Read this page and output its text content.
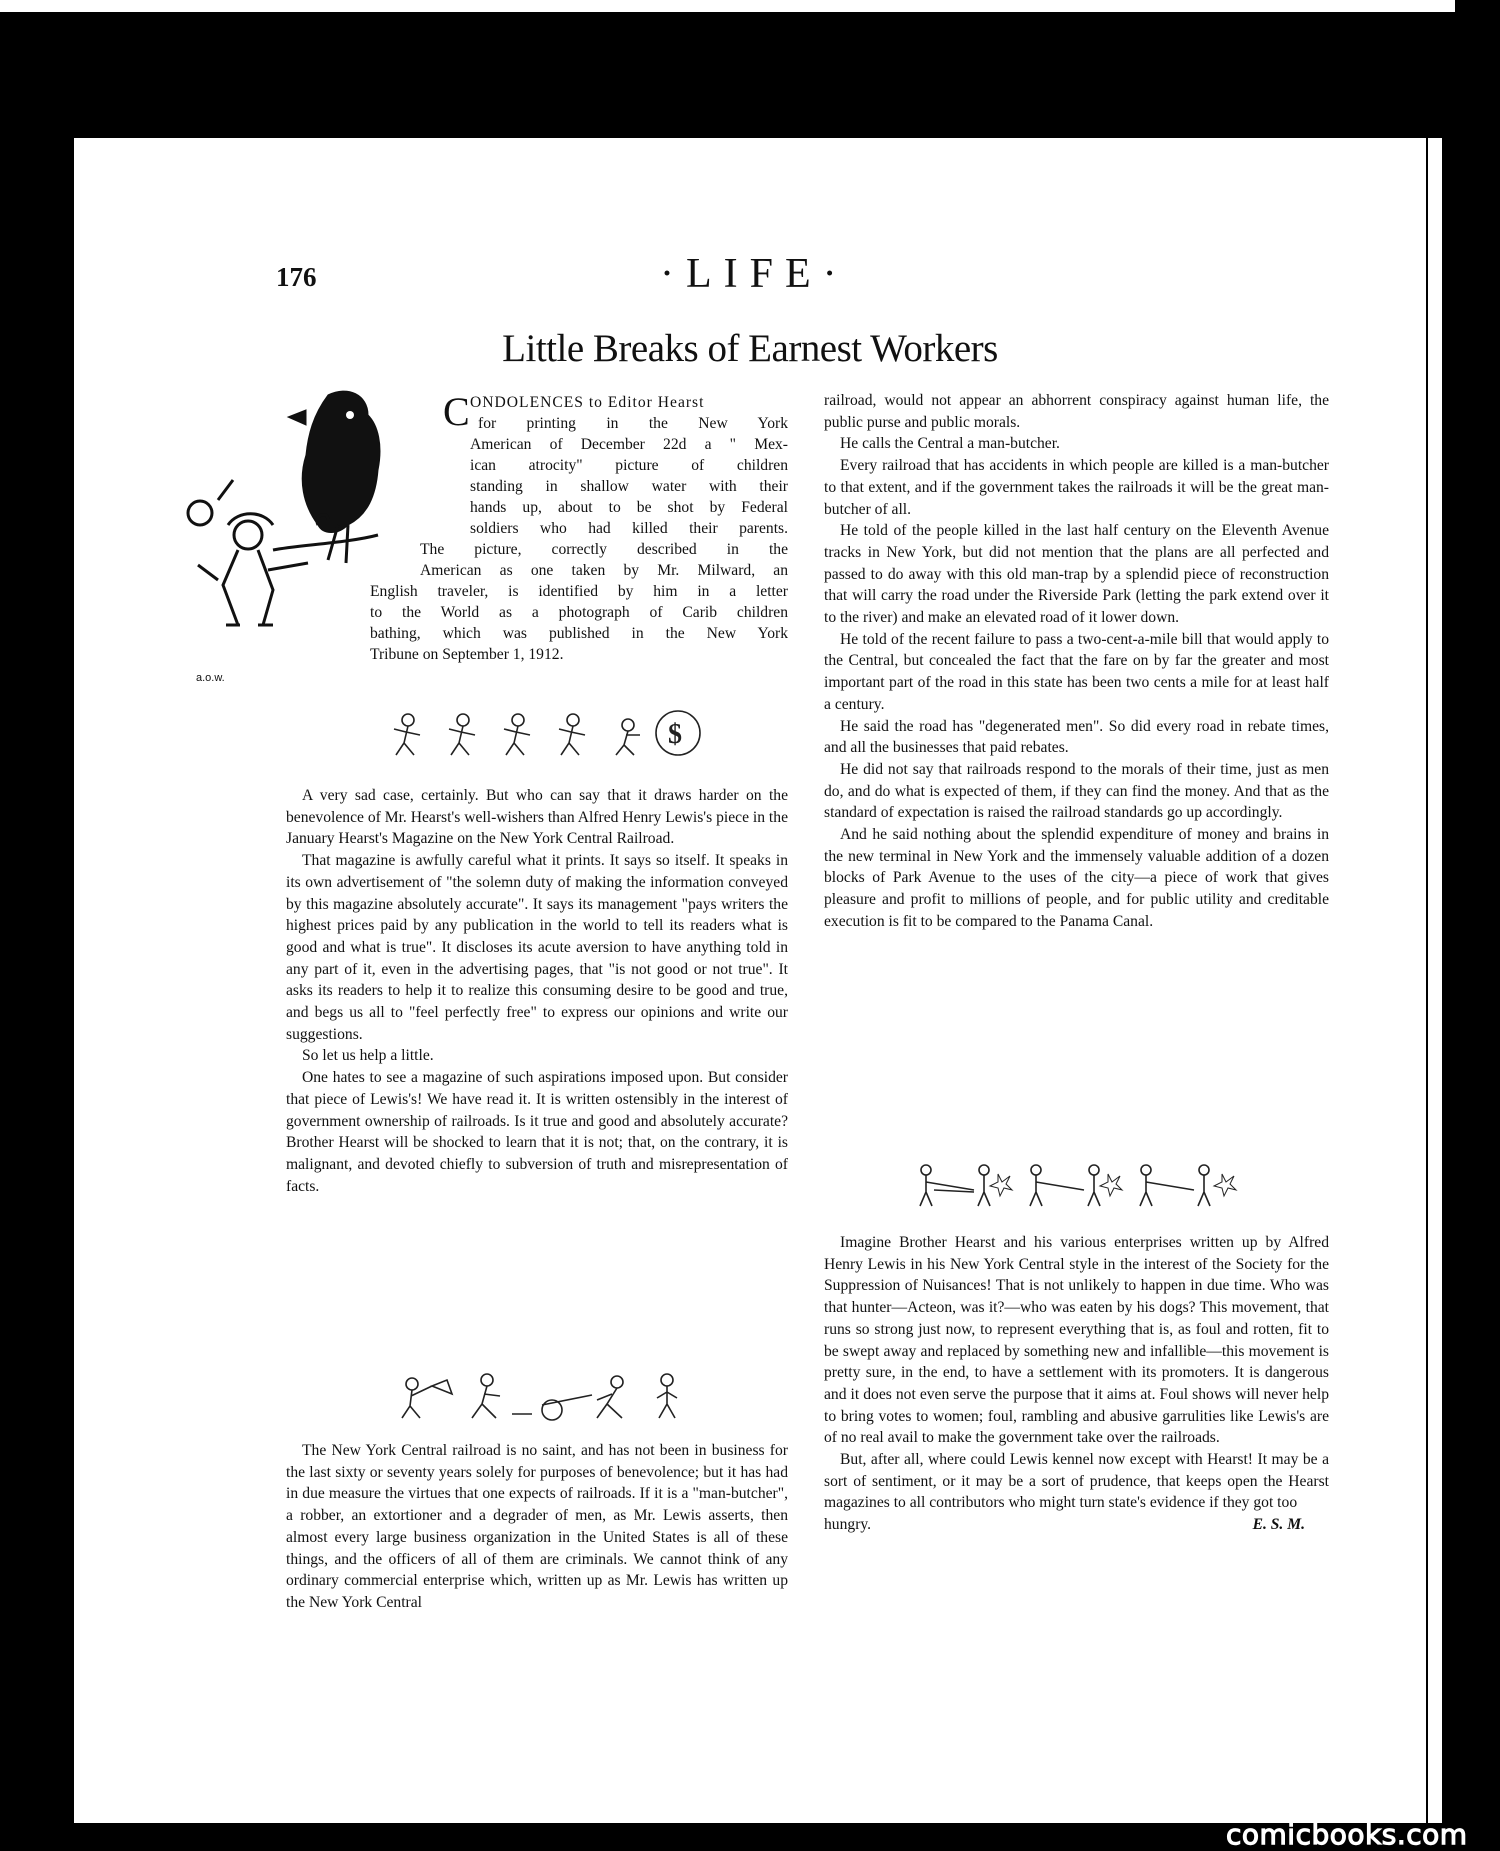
176	·LIFE·
Little Breaks of Earnest Workers
a.o.w.
C ONDOLENCES to Editor Hearst
for printing in the New York
American of December 22d a " Mex-
ican atrocity" picture of children
standing in shallow water with their
hands up, about to be shot by Federal
soldiers who had killed their parents.
The picture, correctly described in the
American as one taken by Mr. Milward, an
English traveler, is identified by him in a letter
to the World as a photograph of Carib children
bathing, which was published in the New York
Tribune on September 1, 1912.
$

A very sad case, certainly. But who can say that it draws harder on the benevolence of Mr. Hearst's well-wishers than Alfred Henry Lewis's piece in the January Hearst's Magazine on the New York Central Railroad.

That magazine is awfully careful what it prints. It says so itself. It speaks in its own advertisement of "the solemn duty of making the information conveyed by this magazine absolutely accurate". It says its management "pays writers the highest prices paid by any publication in the world to tell its readers what is good and what is true". It discloses its acute aversion to have anything told in any part of it, even in the advertising pages, that "is not good or not true". It asks its readers to help it to realize this consuming desire to be good and true, and begs us all to "feel perfectly free" to express our opinions and write our suggestions.

So let us help a little.

One hates to see a magazine of such aspirations imposed upon. But consider that piece of Lewis's! We have read it. It is written ostensibly in the interest of government ownership of railroads. Is it true and good and absolutely accurate? Brother Hearst will be shocked to learn that it is not; that, on the contrary, it is malignant, and devoted chiefly to subversion of truth and misrepresentation of facts.

The New York Central railroad is no saint, and has not been in business for the last sixty or seventy years solely for purposes of benevolence; but it has had in due measure the virtues that one expects of railroads. If it is a "man-butcher", a robber, an extortioner and a degrader of men, as Mr. Lewis asserts, then almost every large business organization in the United States is all of these things, and the officers of all of them are criminals. We cannot think of any ordinary commercial enterprise which, written up as Mr. Lewis has written up the New York Central

railroad, would not appear an abhorrent conspiracy against human life, the public purse and public morals.

He calls the Central a man-butcher.

Every railroad that has accidents in which people are killed is a man-butcher to that extent, and if the government takes the railroads it will be the great man-butcher of all.

He told of the people killed in the last half century on the Eleventh Avenue tracks in New York, but did not mention that the plans are all perfected and passed to do away with this old man-trap by a splendid piece of reconstruction that will carry the road under the Riverside Park (letting the park extend over it to the river) and make an elevated road of it lower down.

He told of the recent failure to pass a two-cent-a-mile bill that would apply to the Central, but concealed the fact that the fare on by far the greater and most important part of the road in this state has been two cents a mile for at least half a century.

He said the road has "degenerated men". So did every road in rebate times, and all the businesses that paid rebates.

He did not say that railroads respond to the morals of their time, just as men do, and do what is expected of them, if they can find the money. And that as the standard of expectation is raised the railroad standards go up accordingly.

And he said nothing about the splendid expenditure of money and brains in the new terminal in New York and the immensely valuable addition of a dozen blocks of Park Avenue to the uses of the city—a piece of work that gives pleasure and profit to millions of people, and for public utility and creditable execution is fit to be compared to the Panama Canal.

Imagine Brother Hearst and his various enterprises written up by Alfred Henry Lewis in his New York Central style in the interest of the Society for the Suppression of Nuisances! That is not unlikely to happen in due time. Who was that hunter—Acteon, was it?—who was eaten by his dogs? This movement, that runs so strong just now, to represent everything that is, as foul and rotten, fit to be swept away and replaced by something new and infallible—this movement is pretty sure, in the end, to have a settlement with its promoters. It is dangerous and it does not even serve the purpose that it aims at. Foul shows will never help to bring votes to women; foul, rambling and abusive garrulities like Lewis's are of no real avail to make the government take over the railroads.

But, after all, where could Lewis kennel now except with Hearst! It may be a sort of sentiment, or it may be a sort of prudence, that keeps open the Hearst magazines to all contributors who might turn state's evidence if they got too

hungry.	E. S. M.
comicbooks.com
